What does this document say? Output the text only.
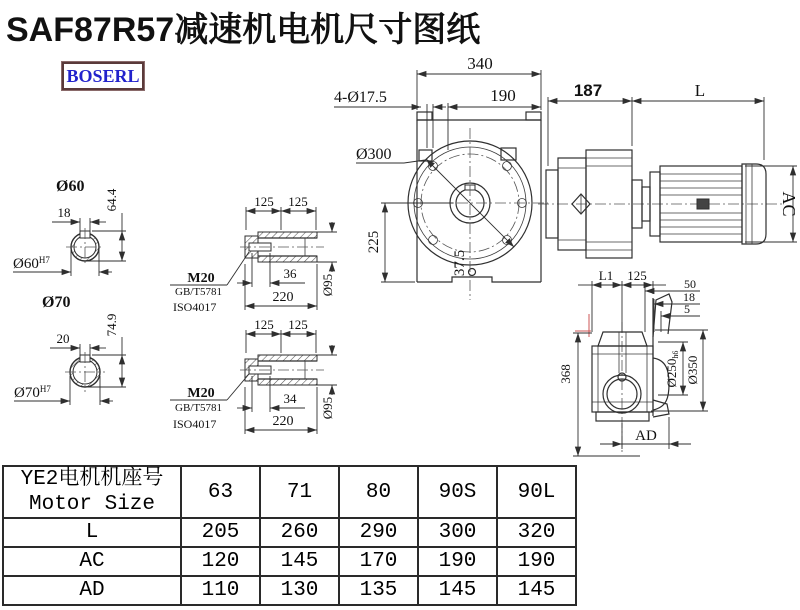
SAF87R57减速机电机尺寸图纸
BOSERL
340
190
4-Ø17.5
Ø300
225
37.5
187	L
AC
L1 125
50
18
5
Ø250h6
Ø350
368
AD
125 125
M20
GB/T5781
ISO4017
36
220
Ø95
125 125
M20
GB/T5781
ISO4017
34
220
Ø95
Ø60
18
64.4
$Ø60^{H7}$
Ø70
20
74.9
$Ø70^{H7}$
YE2电机机座号
Motor Size	63	71	80	90S	90L
L	205	260	290	300	320
AC	120	145	170	190	190
AD	110	130	135	145	145
